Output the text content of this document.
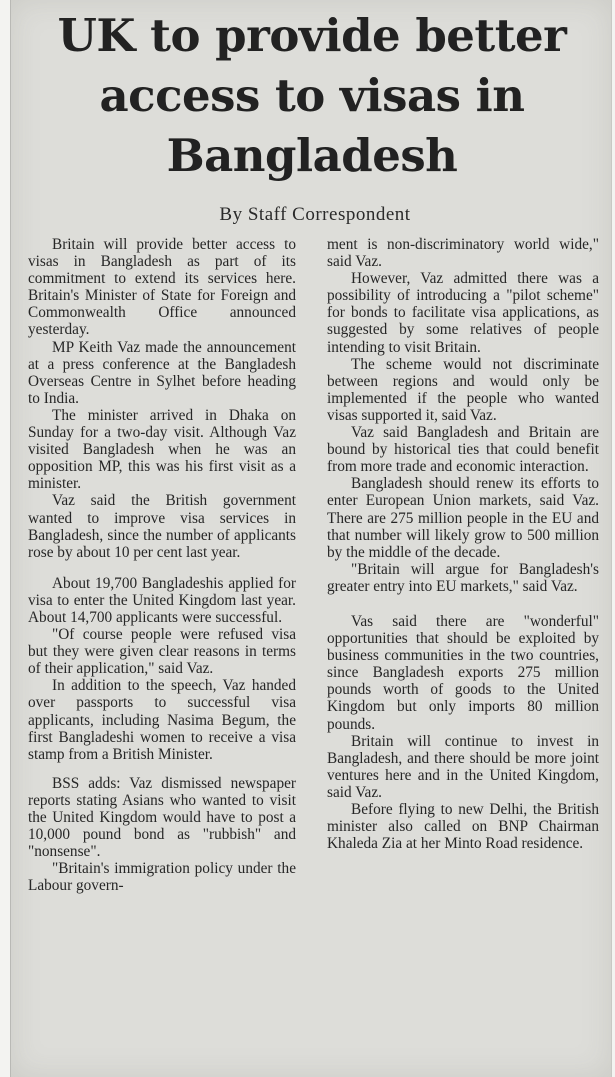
UK to provide better access to visas in Bangladesh
By Staff Correspondent

Britain will provide better access to visas in Bangladesh as part of its commitment to extend its services here. Britain's Minister of State for Foreign and Commonwealth Office announced yesterday.

MP Keith Vaz made the announcement at a press conference at the Bangladesh Overseas Centre in Sylhet before heading to India.

The minister arrived in Dhaka on Sunday for a two-day visit. Although Vaz visited Bangladesh when he was an opposition MP, this was his first visit as a minister.

Vaz said the British government wanted to improve visa services in Bangladesh, since the number of applicants rose by about 10 per cent last year.

About 19,700 Bangladeshis applied for visa to enter the United Kingdom last year. About 14,700 applicants were successful.

"Of course people were refused visa but they were given clear reasons in terms of their application," said Vaz.

In addition to the speech, Vaz handed over passports to successful visa applicants, including Nasima Begum, the first Bangladeshi women to receive a visa stamp from a British Minister.

BSS adds: Vaz dismissed newspaper reports stating Asians who wanted to visit the United Kingdom would have to post a 10,000 pound bond as "rubbish" and "nonsense".

"Britain's immigration policy under the Labour govern-

ment is non-discriminatory world wide," said Vaz.

However, Vaz admitted there was a possibility of introducing a "pilot scheme" for bonds to facilitate visa applications, as suggested by some relatives of people intending to visit Britain.

The scheme would not discriminate between regions and would only be implemented if the people who wanted visas supported it, said Vaz.

Vaz said Bangladesh and Britain are bound by historical ties that could benefit from more trade and economic interaction.

Bangladesh should renew its efforts to enter European Union markets, said Vaz. There are 275 million people in the EU and that number will likely grow to 500 million by the middle of the decade.

"Britain will argue for Bangladesh's greater entry into EU markets," said Vaz.

Vas said there are "wonderful" opportunities that should be exploited by business communities in the two countries, since Bangladesh exports 275 million pounds worth of goods to the United Kingdom but only imports 80 million pounds.

Britain will continue to invest in Bangladesh, and there should be more joint ventures here and in the United Kingdom, said Vaz.

Before flying to new Delhi, the British minister also called on BNP Chairman Khaleda Zia at her Minto Road residence.
